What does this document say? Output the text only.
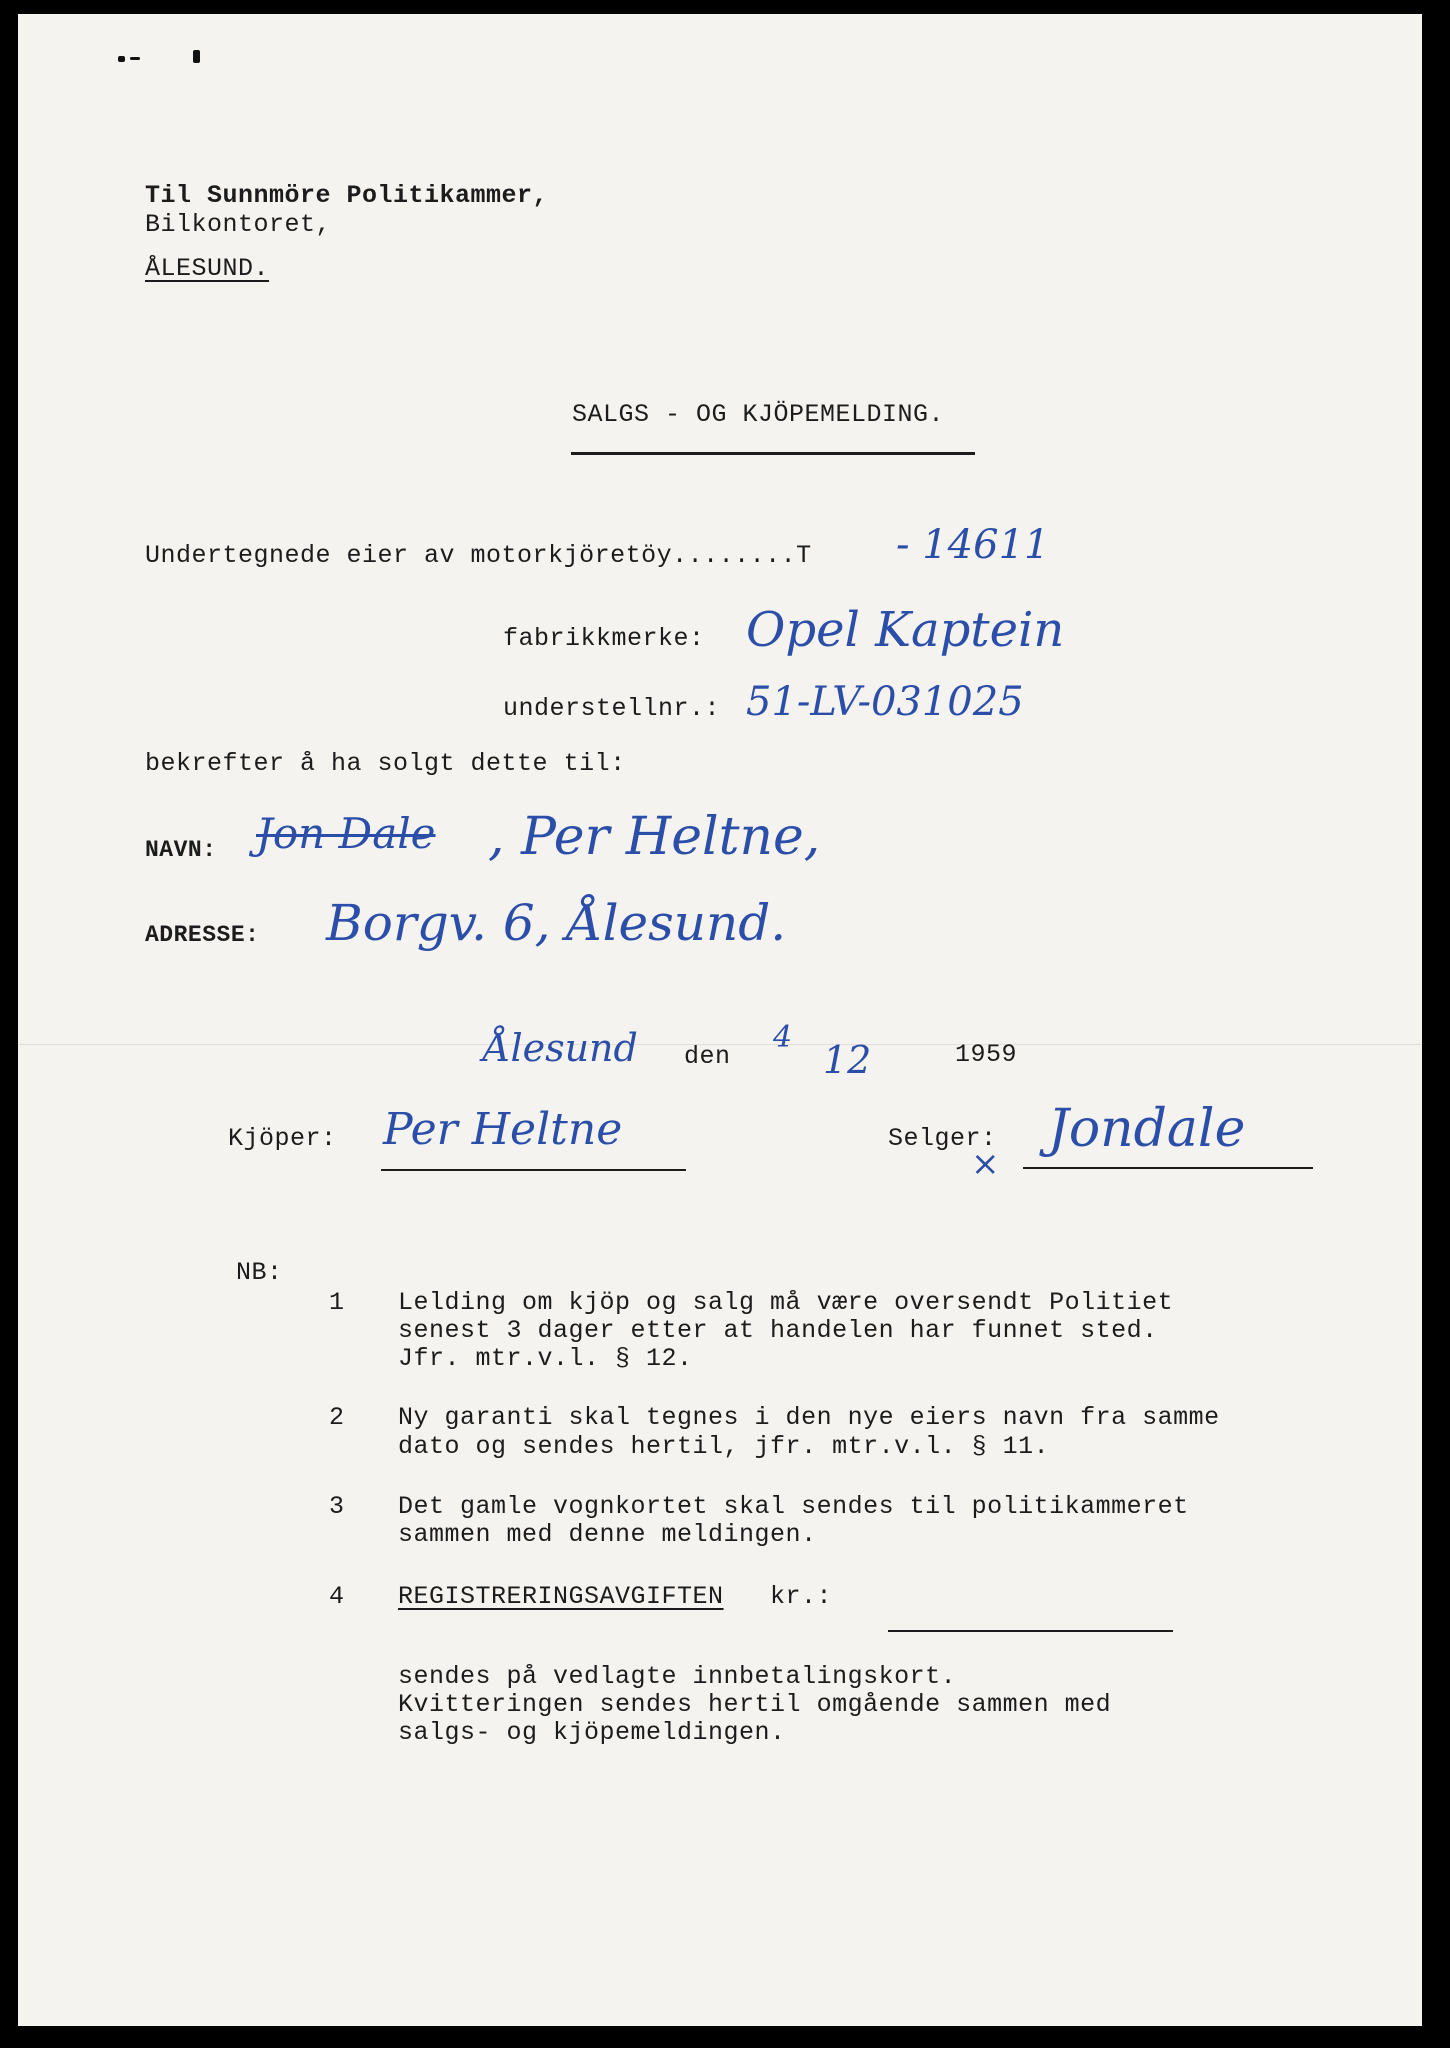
Til Sunnmöre Politikammer,
Bilkontoret,
ÅLESUND.
SALGS - OG KJÖPEMELDING.
Undertegnede eier av motorkjöretöy........T - 14611
fabrikkmerke: Opel Kaptein
understellnr.: 51-LV-031025
bekrefter å ha solgt dette til:
NAVN: Jon Dale , Per Heltne,
ADRESSE: Borgv. 6, Ålesund.
Ålesund den
4
12	1959
Kjöper: Per Heltne	Selger:
×
Jondale
NB:
1 Lelding om kjöp og salg må være oversendt Politiet
senest 3 dager etter at handelen har funnet sted.
Jfr. mtr.v.l. § 12.
2 Ny garanti skal tegnes i den nye eiers navn fra samme
dato og sendes hertil, jfr. mtr.v.l. § 11.
3 Det gamle vognkortet skal sendes til politikammeret
sammen med denne meldingen.
4 REGISTRERINGSAVGIFTEN kr.:
sendes på vedlagte innbetalingskort.
Kvitteringen sendes hertil omgående sammen med
salgs- og kjöpemeldingen.
